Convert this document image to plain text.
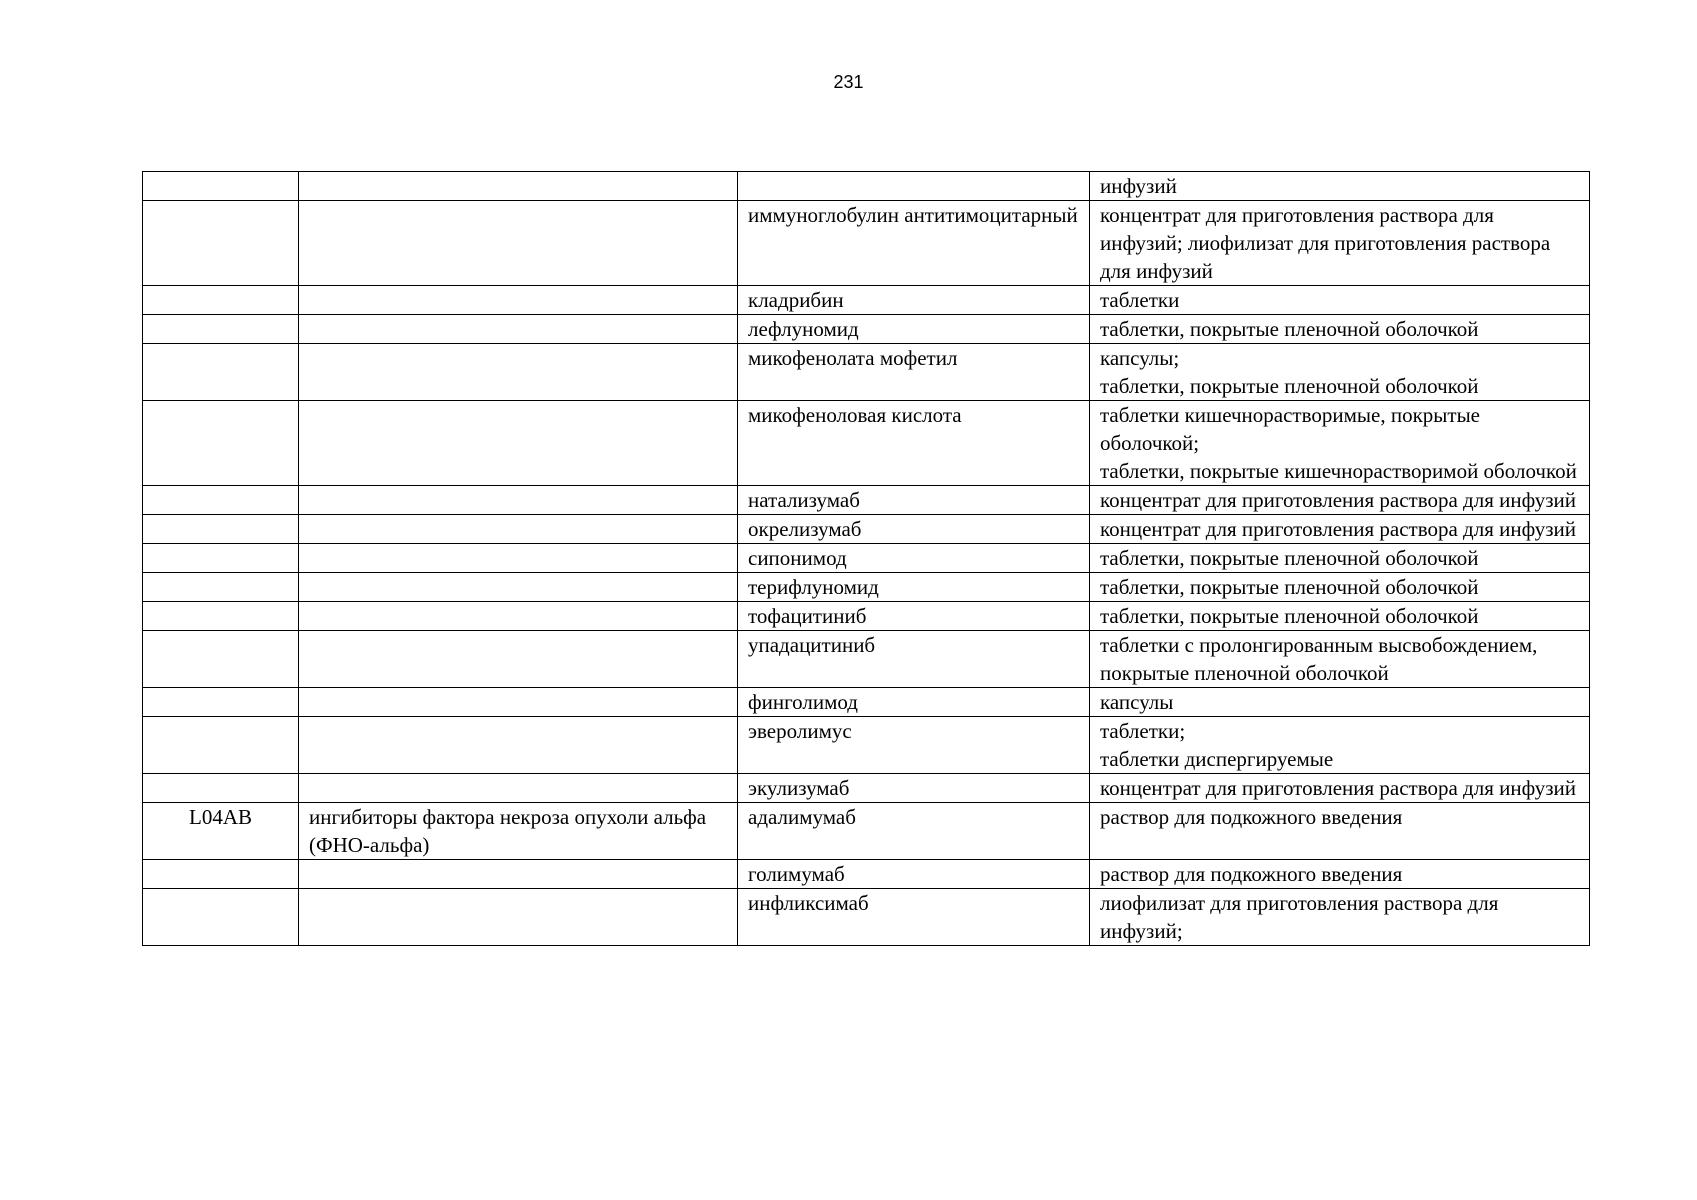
231

			инфузий

		иммуноглобулин антитимоцитарный	концентрат для приготовления раствора для инфузий; лиофилизат для приготовления раствора для инфузий

		кладрибин	таблетки

		лефлуномид	таблетки, покрытые пленочной оболочкой

		микофенолата мофетил	капсулы;
таблетки, покрытые пленочной оболочкой

		микофеноловая кислота	таблетки кишечнорастворимые, покрытые оболочкой;
таблетки, покрытые кишечнорастворимой оболочкой

		натализумаб	концентрат для приготовления раствора для инфузий

		окрелизумаб	концентрат для приготовления раствора для инфузий

		сипонимод	таблетки, покрытые пленочной оболочкой

		терифлуномид	таблетки, покрытые пленочной оболочкой

		тофацитиниб	таблетки, покрытые пленочной оболочкой

		упадацитиниб	таблетки с пролонгированным высвобождением, покрытые пленочной оболочкой

		финголимод	капсулы

		эверолимус	таблетки;
таблетки диспергируемые

		экулизумаб	концентрат для приготовления раствора для инфузий

L04AB	ингибиторы фактора некроза опухоли альфа (ФНО-альфа)	адалимумаб	раствор для подкожного введения

		голимумаб	раствор для подкожного введения

		инфликсимаб	лиофилизат для приготовления раствора для инфузий;
